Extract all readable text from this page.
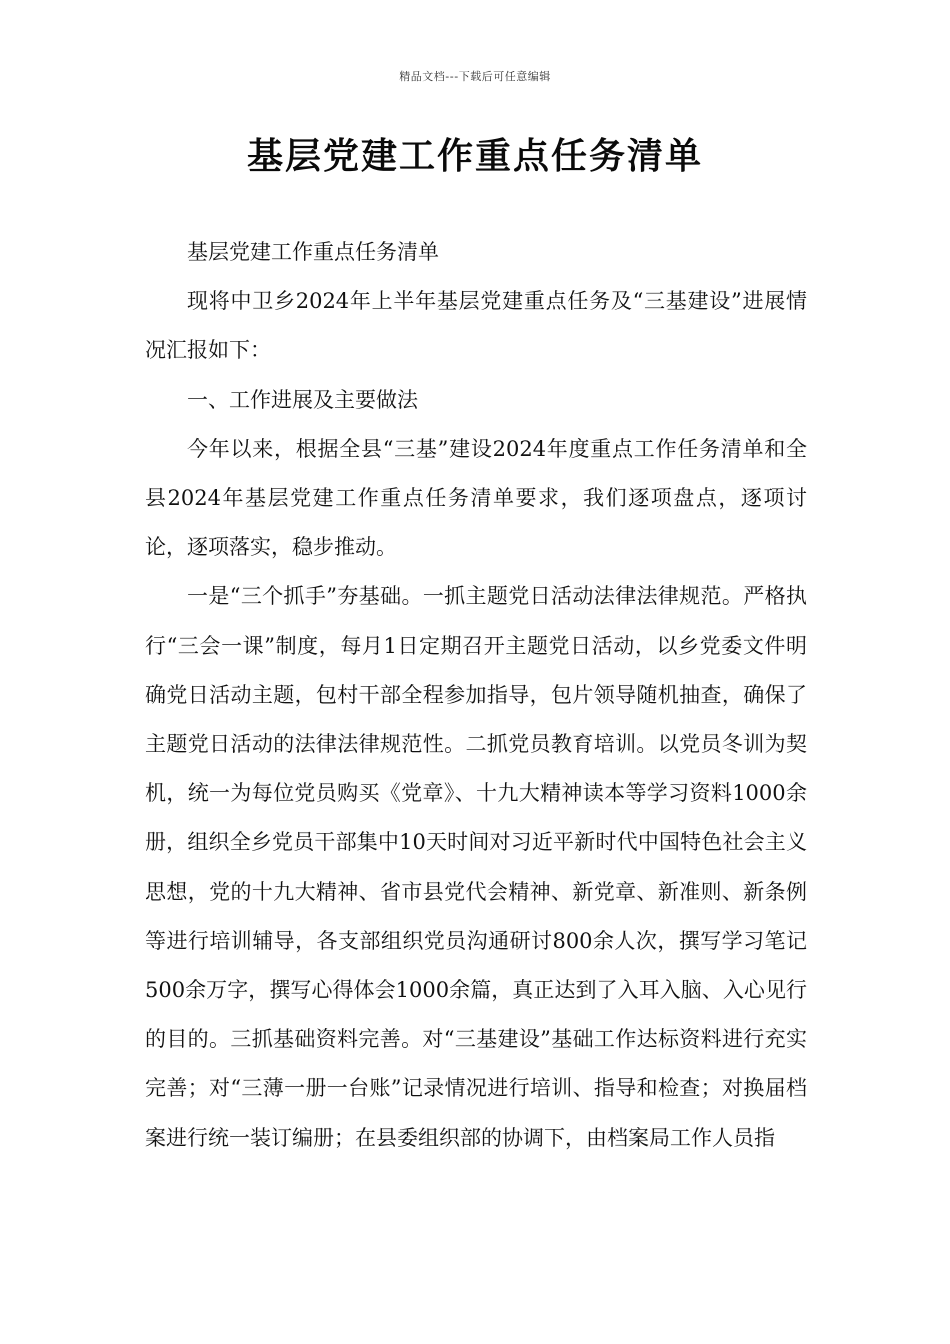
精品文档---下载后可任意编辑
基层党建工作重点任务清单

基层党建工作重点任务清单

现将中卫乡2024年上半年基层党建重点任务及“三基建设”进展情况汇报如下：

一、工作进展及主要做法

今年以来，根据全县“三基”建设2024年度重点工作任务清单和全县2024年基层党建工作重点任务清单要求，我们逐项盘点，逐项讨论，逐项落实，稳步推动。

一是“三个抓手”夯基础。一抓主题党日活动法律法律规范。严格执行“三会一课”制度，每月1日定期召开主题党日活动，以乡党委文件明确党日活动主题，包村干部全程参加指导，包片领导随机抽查，确保了主题党日活动的法律法律规范性。二抓党员教育培训。以党员冬训为契机，统一为每位党员购买《党章》、十九大精神读本等学习资料1000余册，组织全乡党员干部集中10天时间对习近平新时代中国特色社会主义思想，党的十九大精神、省市县党代会精神、新党章、新准则、新条例等进行培训辅导，各支部组织党员沟通研讨800余人次，撰写学习笔记500余万字，撰写心得体会1000余篇，真正达到了入耳入脑、入心见行的目的。三抓基础资料完善。对“三基建设”基础工作达标资料进行充实完善；对“三薄一册一台账”记录情况进行培训、指导和检查；对换届档案进行统一装订编册；在县委组织部的协调下，由档案局工作人员指
